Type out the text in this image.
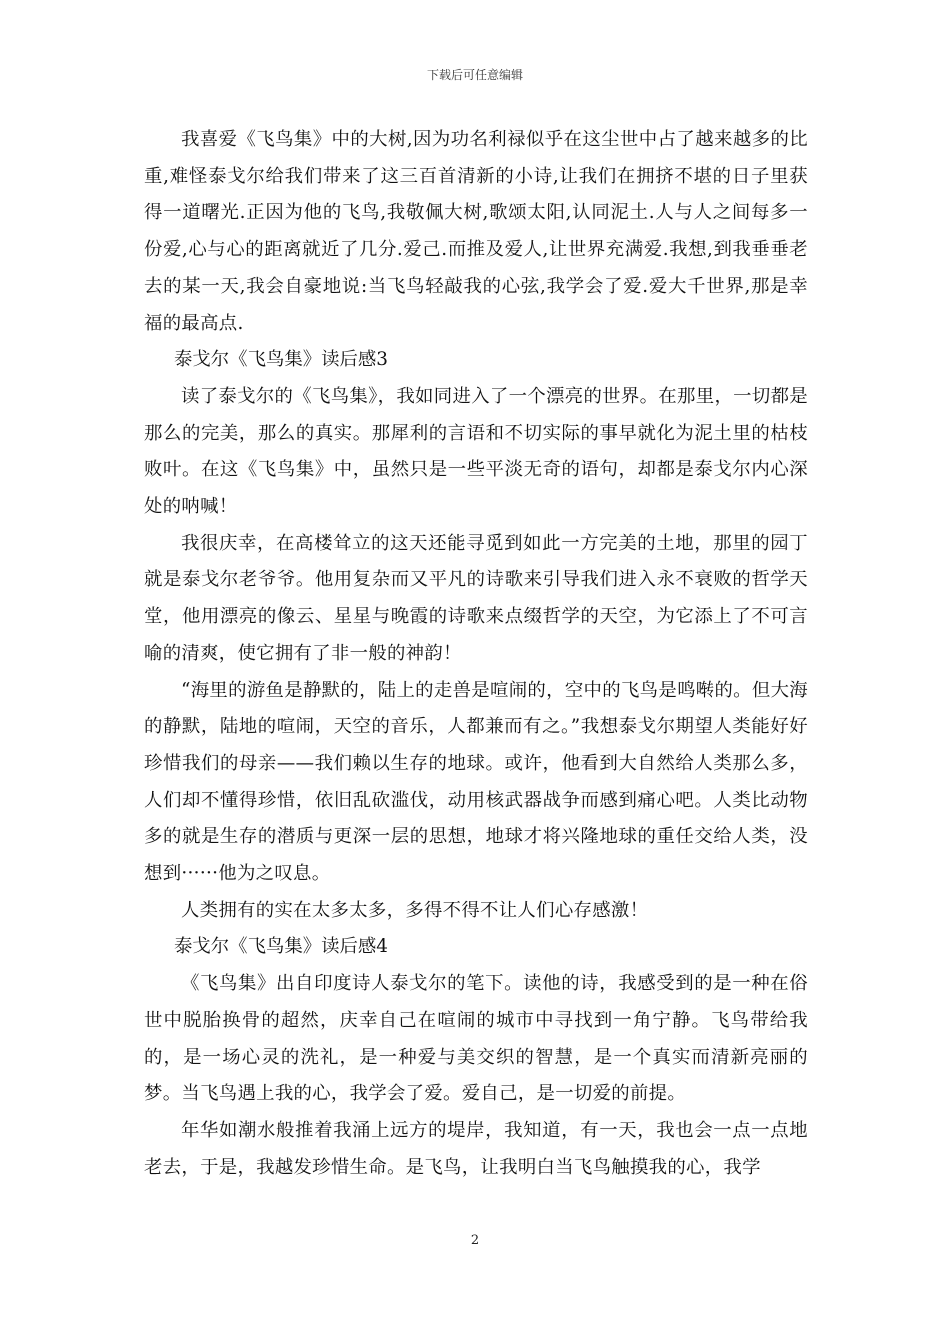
下载后可任意编辑

我喜爱《飞鸟集》中的大树,因为功名利禄似乎在这尘世中占了越来越多的比重,难怪泰戈尔给我们带来了这三百首清新的小诗,让我们在拥挤不堪的日子里获得一道曙光.正因为他的飞鸟,我敬佩大树,歌颂太阳,认同泥土.人与人之间每多一份爱,心与心的距离就近了几分.爱己.而推及爱人,让世界充满爱.我想,到我垂垂老去的某一天,我会自豪地说:当飞鸟轻敲我的心弦,我学会了爱.爱大千世界,那是幸福的最高点.

泰戈尔《飞鸟集》读后感3

读了泰戈尔的《飞鸟集》，我如同进入了一个漂亮的世界。在那里，一切都是那么的完美，那么的真实。那犀利的言语和不切实际的事早就化为泥土里的枯枝败叶。在这《飞鸟集》中，虽然只是一些平淡无奇的语句，却都是泰戈尔内心深处的呐喊！

我很庆幸，在高楼耸立的这天还能寻觅到如此一方完美的土地，那里的园丁就是泰戈尔老爷爷。他用复杂而又平凡的诗歌来引导我们进入永不衰败的哲学天堂，他用漂亮的像云、星星与晚霞的诗歌来点缀哲学的天空，为它添上了不可言喻的清爽，使它拥有了非一般的神韵！

“海里的游鱼是静默的，陆上的走兽是喧闹的，空中的飞鸟是鸣啭的。但大海的静默，陆地的喧闹，天空的音乐，人都兼而有之。”我想泰戈尔期望人类能好好珍惜我们的母亲——我们赖以生存的地球。或许，他看到大自然给人类那么多，人们却不懂得珍惜，依旧乱砍滥伐，动用核武器战争而感到痛心吧。人类比动物多的就是生存的潜质与更深一层的思想，地球才将兴隆地球的重任交给人类，没想到······他为之叹息。

人类拥有的实在太多太多，多得不得不让人们心存感激！

泰戈尔《飞鸟集》读后感4

《飞鸟集》出自印度诗人泰戈尔的笔下。读他的诗，我感受到的是一种在俗世中脱胎换骨的超然，庆幸自己在喧闹的城市中寻找到一角宁静。飞鸟带给我的，是一场心灵的洗礼，是一种爱与美交织的智慧，是一个真实而清新亮丽的梦。当飞鸟遇上我的心，我学会了爱。爱自己，是一切爱的前提。

年华如潮水般推着我涌上远方的堤岸，我知道，有一天，我也会一点一点地老去，于是，我越发珍惜生命。是飞鸟，让我明白当飞鸟触摸我的心，我学

2
